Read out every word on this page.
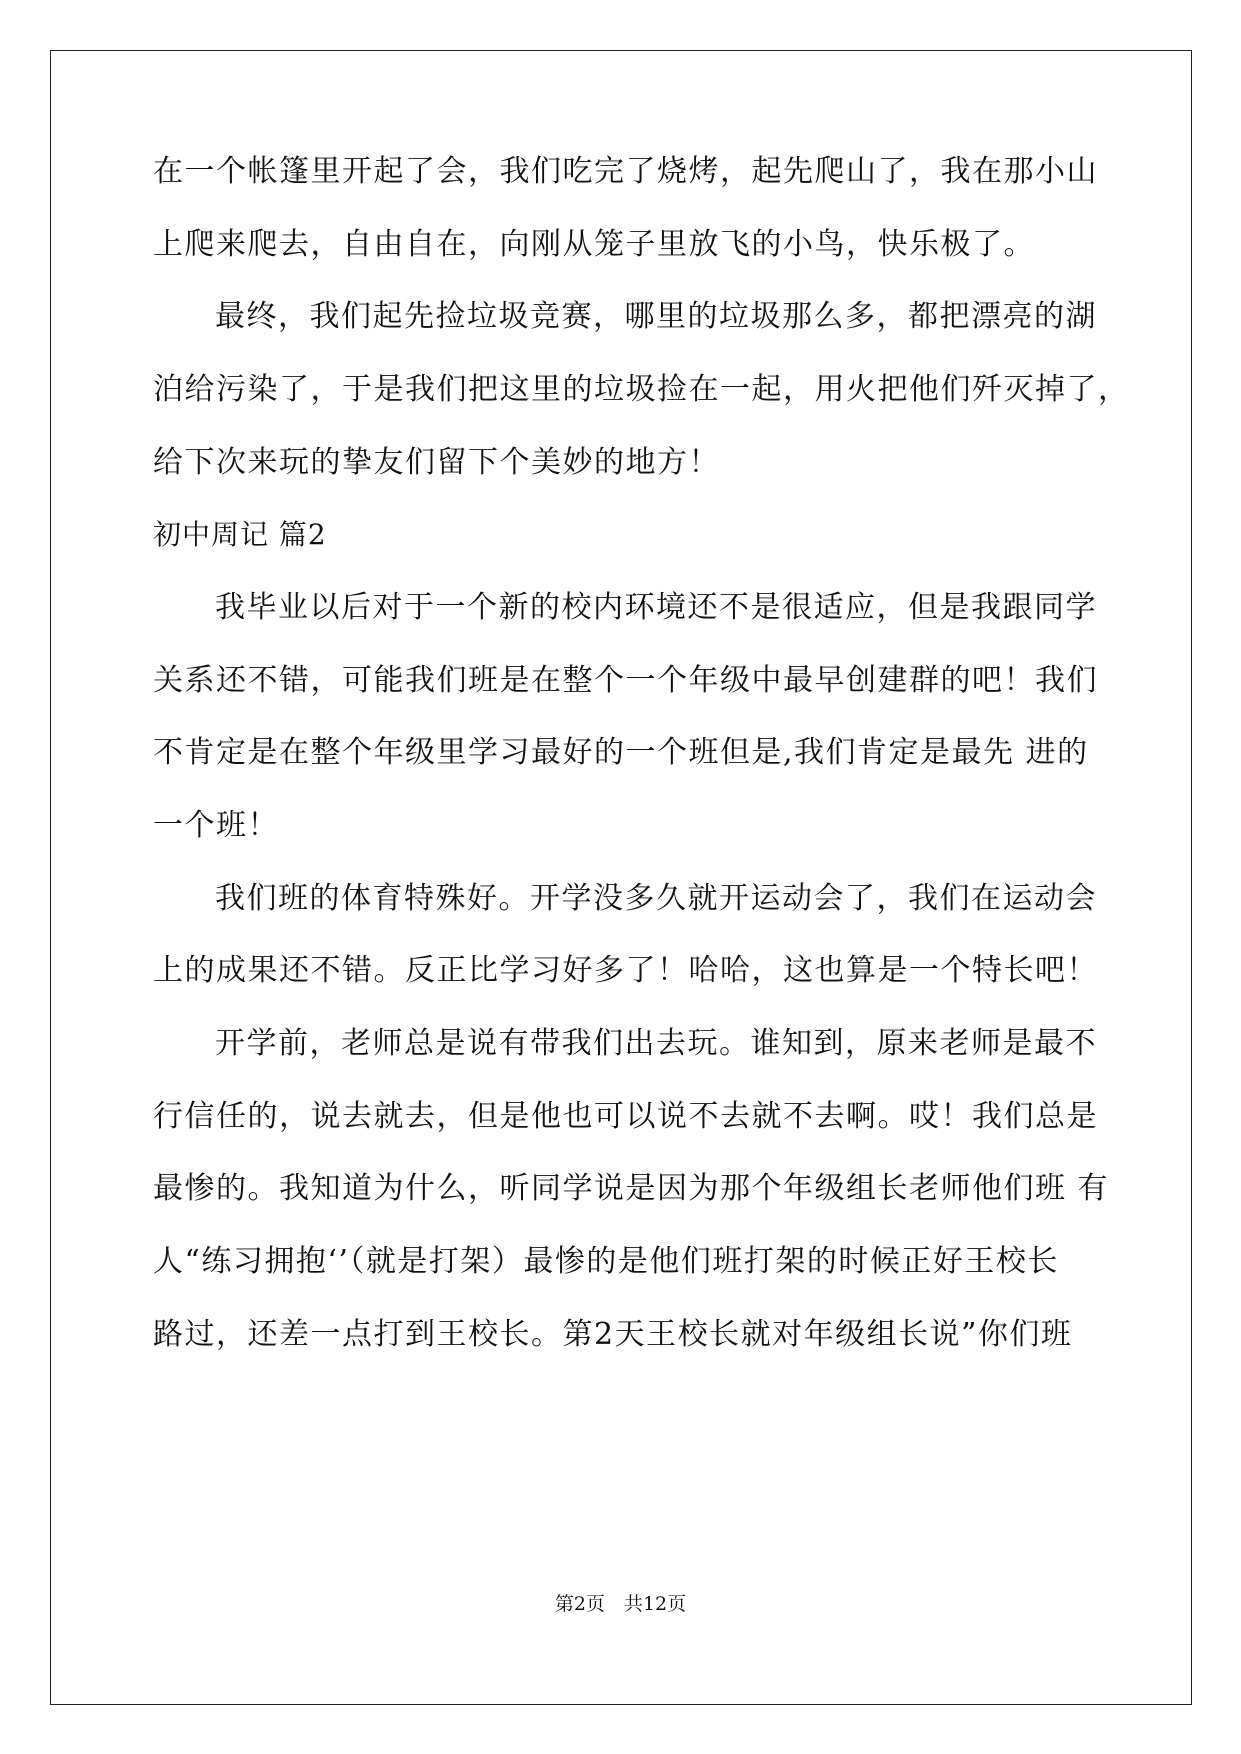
在一个帐篷里开起了会，我们吃完了烧烤，起先爬山了，我在那小山
上爬来爬去，自由自在，向刚从笼子里放飞的小鸟，快乐极了。
最终，我们起先捡垃圾竞赛，哪里的垃圾那么多，都把漂亮的湖
泊给污染了，于是我们把这里的垃圾捡在一起，用火把他们歼灭掉了，
给下次来玩的挚友们留下个美妙的地方！
初中周记 篇2
我毕业以后对于一个新的校内环境还不是很适应，但是我跟同学
关系还不错，可能我们班是在整个一个年级中最早创建群的吧！我们
不肯定是在整个年级里学习最好的一个班但是,我们肯定是最先 进的
一个班！
我们班的体育特殊好。开学没多久就开运动会了，我们在运动会
上的成果还不错。反正比学习好多了！哈哈，这也算是一个特长吧！
开学前，老师总是说有带我们出去玩。谁知到，原来老师是最不
行信任的，说去就去，但是他也可以说不去就不去啊。哎！我们总是
最惨的。我知道为什么，听同学说是因为那个年级组长老师他们班 有
人“练习拥抱‘’（就是打架）最惨的是他们班打架的时候正好王校长
路过，还差一点打到王校长。第2天王校长就对年级组长说”你们班
第2页　共12页
